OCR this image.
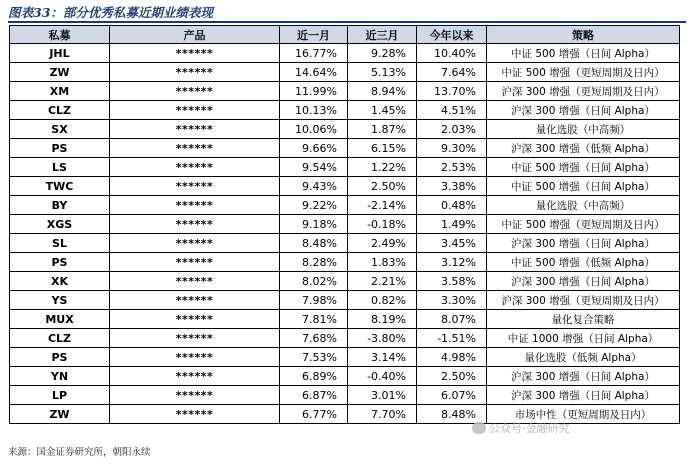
图表33：部分优秀私募近期业绩表现
私募	产品	近一月	近三月	今年以来	策略
JHL	******	16.77%	9.28%	10.40%	中证 500 增强（日间 Alpha）
ZW	******	14.64%	5.13%	7.64%	中证 500 增强（更短周期及日内）
XM	******	11.99%	8.94%	13.70%	沪深 300 增强（更短周期及日内）
CLZ	******	10.13%	1.45%	4.51%	沪深 300 增强（日间 Alpha）
SX	******	10.06%	1.87%	2.03%	量化选股（中高频）
PS	******	9.66%	6.15%	9.30%	沪深 300 增强（低频 Alpha）
LS	******	9.54%	1.22%	2.53%	中证 500 增强（日间 Alpha）
TWC	******	9.43%	2.50%	3.38%	中证 500 增强（日间 Alpha）
BY	******	9.22%	-2.14%	0.48%	量化选股（中高频）
XGS	******	9.18%	-0.18%	1.49%	中证 500 增强（更短周期及日内）
SL	******	8.48%	2.49%	3.45%	沪深 300 增强（日间 Alpha）
PS	******	8.28%	1.83%	3.12%	中证 500 增强（低频 Alpha）
XK	******	8.02%	2.21%	3.58%	沪深 300 增强（日间 Alpha）
YS	******	7.98%	0.82%	3.30%	沪深 300 增强（更短周期及日内）
MUX	******	7.81%	8.19%	8.07%	量化复合策略
CLZ	******	7.68%	-3.80%	-1.51%	中证 1000 增强（日间 Alpha）
PS	******	7.53%	3.14%	4.98%	量化选股（低频 Alpha）
YN	******	6.89%	-0.40%	2.50%	沪深 300 增强（日间 Alpha）
LP	******	6.87%	3.01%	6.07%	沪深 300 增强（日间 Alpha）
ZW	******	6.77%	7.70%	8.48%	市场中性（更短周期及日内）
来源：国金证券研究所，朝阳永续
公众号·金融研究
